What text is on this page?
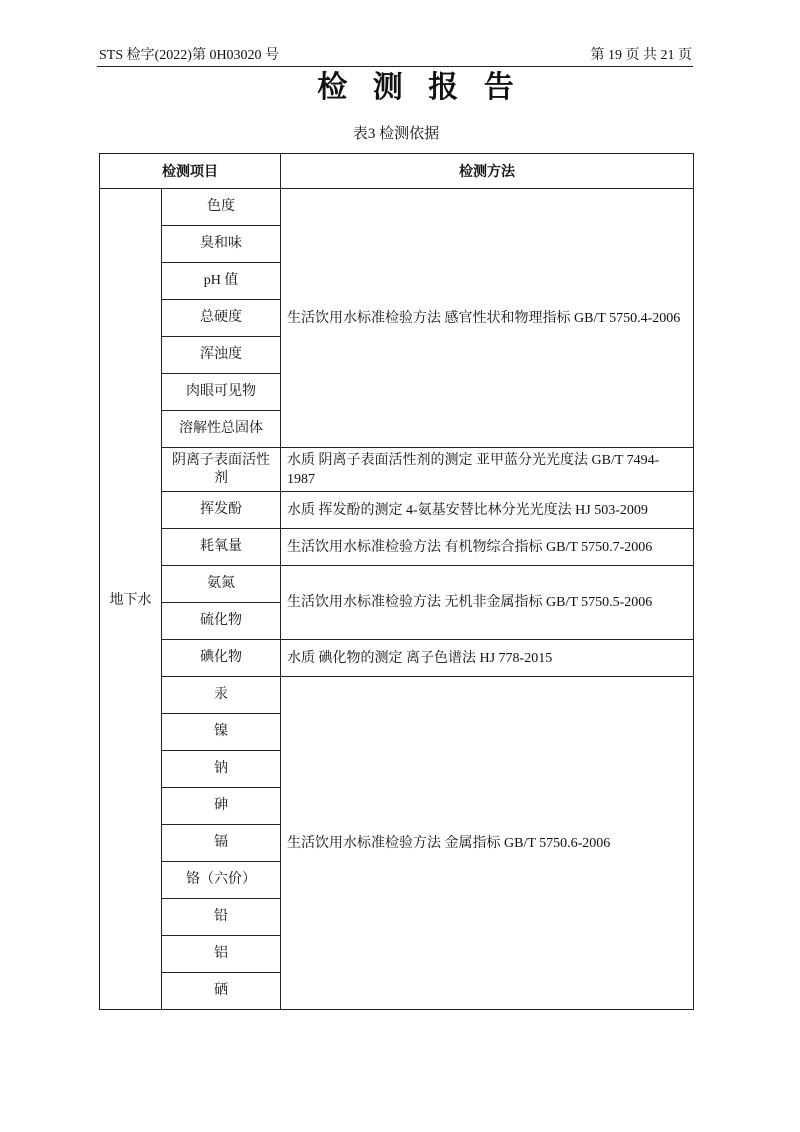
STS 检字(2022)第 0H03020 号	第 19 页 共 21 页
检 测 报 告
表3 检测依据
检测项目		检测方法
地下水	色度	生活饮用水标准检验方法 感官性状和物理指标 GB/T 5750.4-2006
	臭和味	
	pH 值	
	总硬度	
	浑浊度	
	肉眼可见物	
	溶解性总固体	
	阴离子表面活性剂	水质 阴离子表面活性剂的测定 亚甲蓝分光光度法 GB/T 7494-1987
	挥发酚	水质 挥发酚的测定 4-氨基安替比林分光光度法 HJ 503-2009
	耗氧量	生活饮用水标准检验方法 有机物综合指标 GB/T 5750.7-2006
	氨氮	生活饮用水标准检验方法 无机非金属指标 GB/T 5750.5-2006
	硫化物	
	碘化物	水质 碘化物的测定 离子色谱法 HJ 778-2015
	汞	生活饮用水标准检验方法 金属指标 GB/T 5750.6-2006
	镍	
	钠	
	砷	
	镉	
	铬（六价）	
	铅	
	铝	
	硒	
